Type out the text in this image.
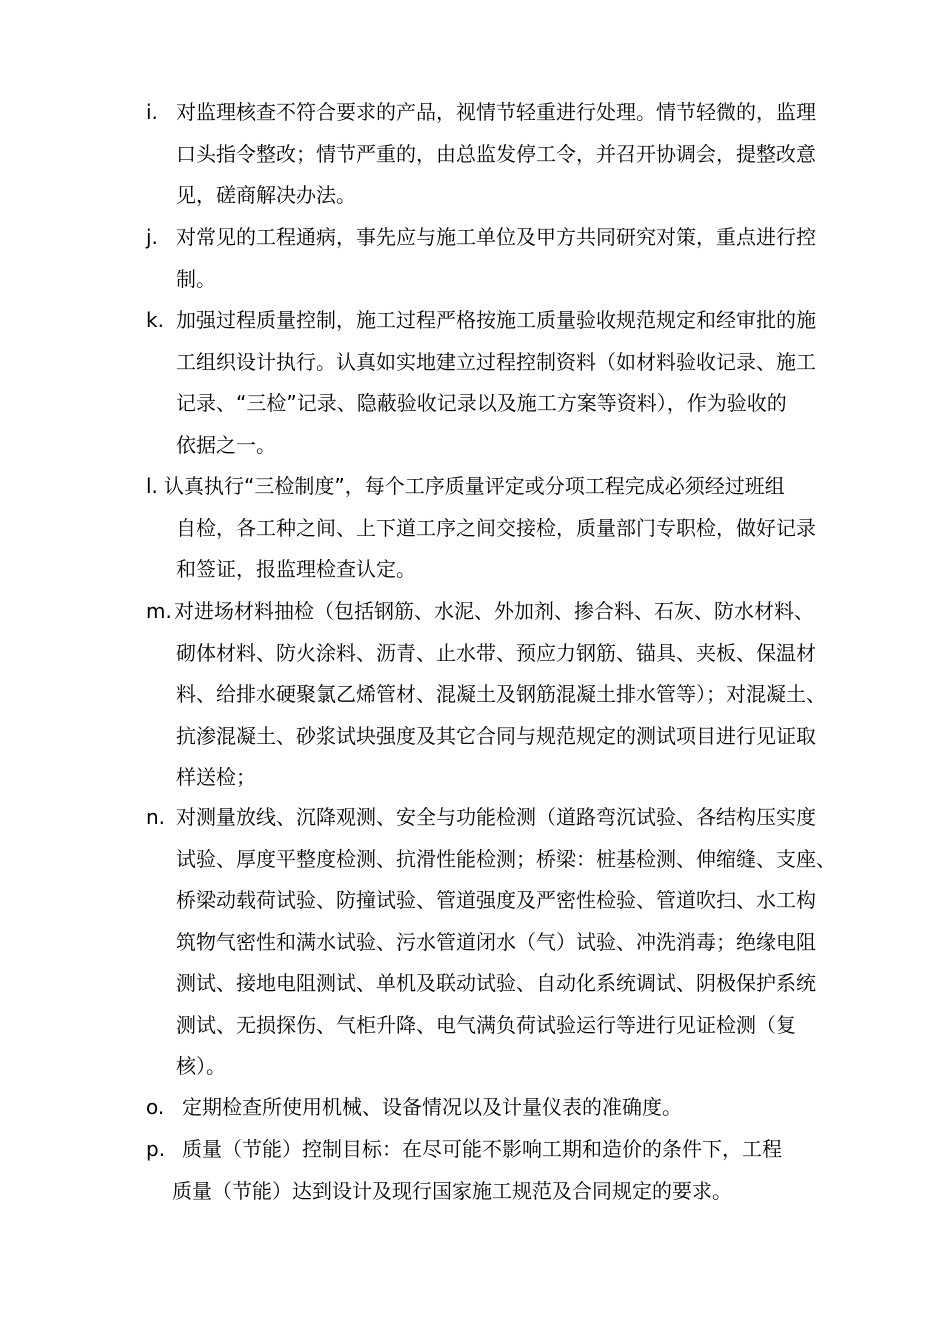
i. 对监理核查不符合要求的产品，视情节轻重进行处理。情节轻微的，监理
口头指令整改；情节严重的，由总监发停工令，并召开协调会，提整改意
见，磋商解决办法。
j. 对常见的工程通病，事先应与施工单位及甲方共同研究对策，重点进行控
制。
k. 加强过程质量控制，施工过程严格按施工质量验收规范规定和经审批的施
工组织设计执行。认真如实地建立过程控制资料（如材料验收记录、施工
记录、“三检”记录、隐蔽验收记录以及施工方案等资料），作为验收的
依据之一。
l. 认真执行“三检制度”，每个工序质量评定或分项工程完成必须经过班组
自检，各工种之间、上下道工序之间交接检，质量部门专职检，做好记录
和签证，报监理检查认定。
m. 对进场材料抽检（包括钢筋、水泥、外加剂、掺合料、石灰、防水材料、
砌体材料、防火涂料、沥青、止水带、预应力钢筋、锚具、夹板、保温材
料、给排水硬聚氯乙烯管材、混凝土及钢筋混凝土排水管等）；对混凝土、
抗渗混凝土、砂浆试块强度及其它合同与规范规定的测试项目进行见证取
样送检；
n. 对测量放线、沉降观测、安全与功能检测（道路弯沉试验、各结构压实度
试验、厚度平整度检测、抗滑性能检测；桥梁：桩基检测、伸缩缝、支座、
桥梁动载荷试验、防撞试验、管道强度及严密性检验、管道吹扫、水工构
筑物气密性和满水试验、污水管道闭水（气）试验、冲洗消毒；绝缘电阻
测试、接地电阻测试、单机及联动试验、自动化系统调试、阴极保护系统
测试、无损探伤、气柜升降、电气满负荷试验运行等进行见证检测（复
核）。
o. 定期检查所使用机械、设备情况以及计量仪表的准确度。
p. 质量（节能）控制目标：在尽可能不影响工期和造价的条件下，工程
质量（节能）达到设计及现行国家施工规范及合同规定的要求。
